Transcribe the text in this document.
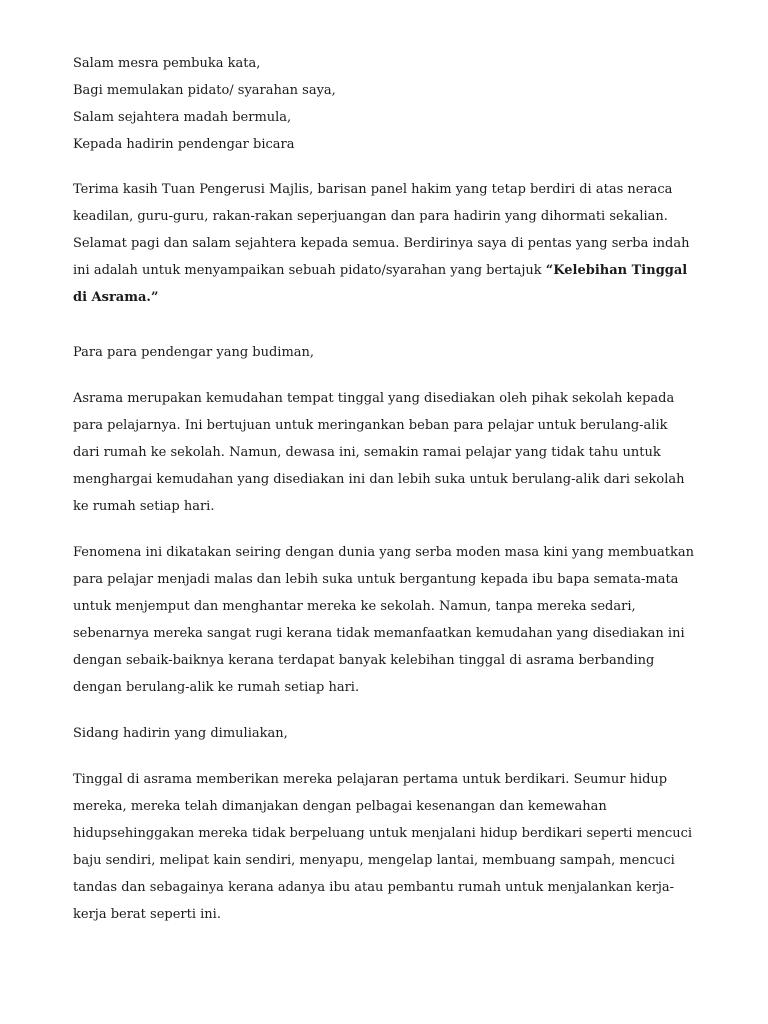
Salam mesra pembuka kata,
Bagi memulakan pidato/ syarahan saya,
Salam sejahtera madah bermula,
Kepada hadirin pendengar bicara
Terima kasih Tuan Pengerusi Majlis, barisan panel hakim yang tetap berdiri di atas neraca
keadilan, guru-guru, rakan-rakan seperjuangan dan para hadirin yang dihormati sekalian.
Selamat pagi dan salam sejahtera kepada semua. Berdirinya saya di pentas yang serba indah
ini adalah untuk menyampaikan sebuah pidato/syarahan yang bertajuk “Kelebihan Tinggal
di Asrama.”
Para para pendengar yang budiman,
Asrama merupakan kemudahan tempat tinggal yang disediakan oleh pihak sekolah kepada
para pelajarnya. Ini bertujuan untuk meringankan beban para pelajar untuk berulang-alik
dari rumah ke sekolah. Namun, dewasa ini, semakin ramai pelajar yang tidak tahu untuk
menghargai kemudahan yang disediakan ini dan lebih suka untuk berulang-alik dari sekolah
ke rumah setiap hari.
Fenomena ini dikatakan seiring dengan dunia yang serba moden masa kini yang membuatkan
para pelajar menjadi malas dan lebih suka untuk bergantung kepada ibu bapa semata-mata
untuk menjemput dan menghantar mereka ke sekolah. Namun, tanpa mereka sedari,
sebenarnya mereka sangat rugi kerana tidak memanfaatkan kemudahan yang disediakan ini
dengan sebaik-baiknya kerana terdapat banyak kelebihan tinggal di asrama berbanding
dengan berulang-alik ke rumah setiap hari.
Sidang hadirin yang dimuliakan,
Tinggal di asrama memberikan mereka pelajaran pertama untuk berdikari. Seumur hidup
mereka, mereka telah dimanjakan dengan pelbagai kesenangan dan kemewahan
hidupsehinggakan mereka tidak berpeluang untuk menjalani hidup berdikari seperti mencuci
baju sendiri, melipat kain sendiri, menyapu, mengelap lantai, membuang sampah, mencuci
tandas dan sebagainya kerana adanya ibu atau pembantu rumah untuk menjalankan kerja-
kerja berat seperti ini.
